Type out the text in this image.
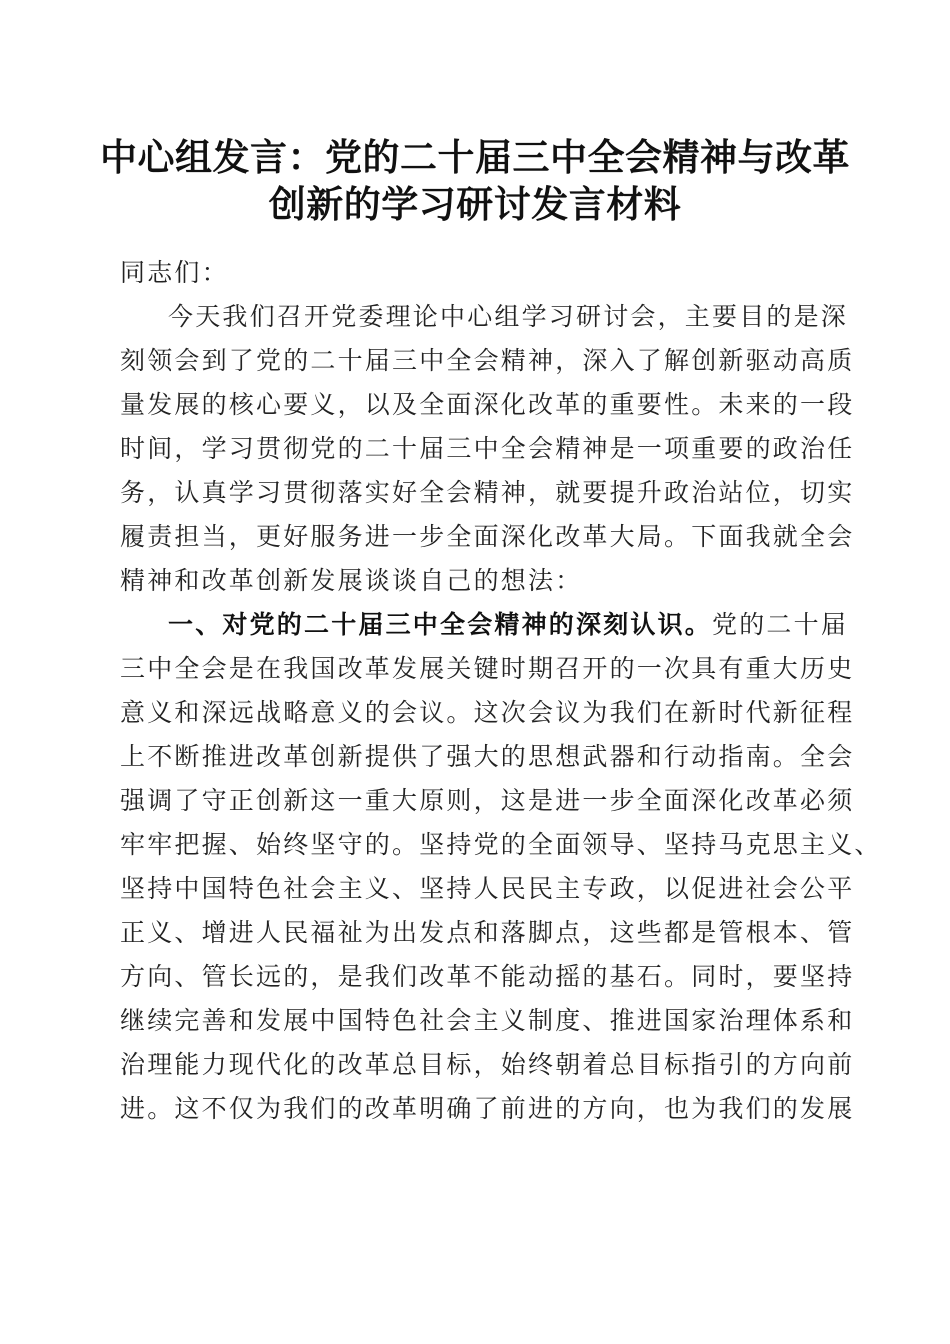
中心组发言：党的二十届三中全会精神与改革
创新的学习研讨发言材料
同志们：
今天我们召开党委理论中心组学习研讨会，主要目的是深
刻领会到了党的二十届三中全会精神，深入了解创新驱动高质
量发展的核心要义，以及全面深化改革的重要性。未来的一段
时间，学习贯彻党的二十届三中全会精神是一项重要的政治任
务，认真学习贯彻落实好全会精神，就要提升政治站位，切实
履责担当，更好服务进一步全面深化改革大局。下面我就全会
精神和改革创新发展谈谈自己的想法：
一、对党的二十届三中全会精神的深刻认识。党的二十届
三中全会是在我国改革发展关键时期召开的一次具有重大历史
意义和深远战略意义的会议。这次会议为我们在新时代新征程
上不断推进改革创新提供了强大的思想武器和行动指南。全会
强调了守正创新这一重大原则，这是进一步全面深化改革必须
牢牢把握、始终坚守的。坚持党的全面领导、坚持马克思主义、
坚持中国特色社会主义、坚持人民民主专政，以促进社会公平
正义、增进人民福祉为出发点和落脚点，这些都是管根本、管
方向、管长远的，是我们改革不能动摇的基石。同时，要坚持
继续完善和发展中国特色社会主义制度、推进国家治理体系和
治理能力现代化的改革总目标，始终朝着总目标指引的方向前
进。这不仅为我们的改革明确了前进的方向，也为我们的发展
